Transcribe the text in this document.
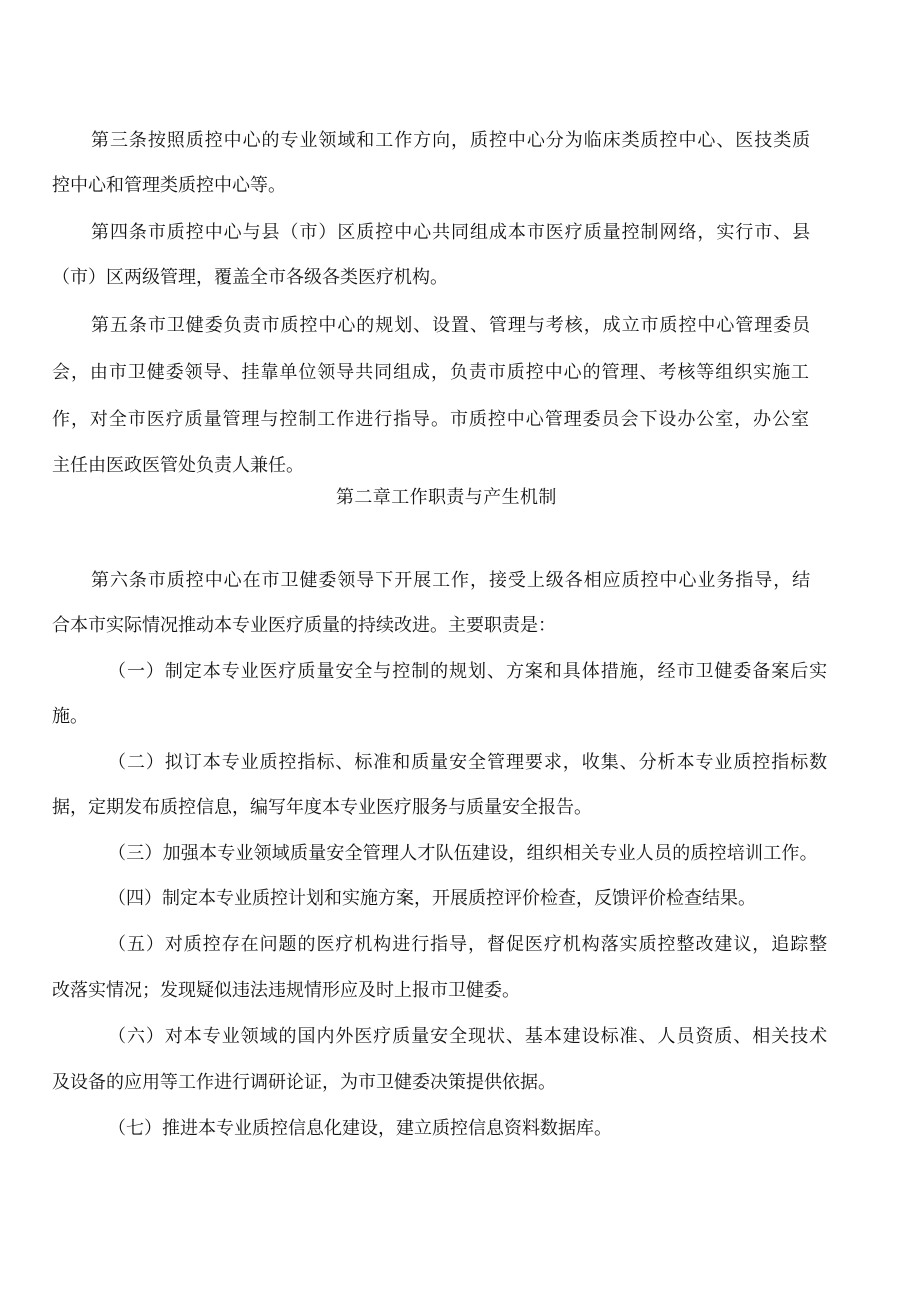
第三条按照质控中心的专业领域和工作方向，质控中心分为临床类质控中心、医技类质
控中心和管理类质控中心等。
第四条市质控中心与县（市）区质控中心共同组成本市医疗质量控制网络，实行市、县
（市）区两级管理，覆盖全市各级各类医疗机构。
第五条市卫健委负责市质控中心的规划、设置、管理与考核，成立市质控中心管理委员
会，由市卫健委领导、挂靠单位领导共同组成，负责市质控中心的管理、考核等组织实施工
作，对全市医疗质量管理与控制工作进行指导。市质控中心管理委员会下设办公室，办公室
主任由医政医管处负责人兼任。
第二章工作职责与产生机制
第六条市质控中心在市卫健委领导下开展工作，接受上级各相应质控中心业务指导，结
合本市实际情况推动本专业医疗质量的持续改进。主要职责是：
（一）制定本专业医疗质量安全与控制的规划、方案和具体措施，经市卫健委备案后实
施。
（二）拟订本专业质控指标、标准和质量安全管理要求，收集、分析本专业质控指标数
据，定期发布质控信息，编写年度本专业医疗服务与质量安全报告。
（三）加强本专业领域质量安全管理人才队伍建设，组织相关专业人员的质控培训工作。
（四）制定本专业质控计划和实施方案，开展质控评价检查，反馈评价检查结果。
（五）对质控存在问题的医疗机构进行指导，督促医疗机构落实质控整改建议，追踪整
改落实情况；发现疑似违法违规情形应及时上报市卫健委。
（六）对本专业领域的国内外医疗质量安全现状、基本建设标准、人员资质、相关技术
及设备的应用等工作进行调研论证，为市卫健委决策提供依据。
（七）推进本专业质控信息化建设，建立质控信息资料数据库。
